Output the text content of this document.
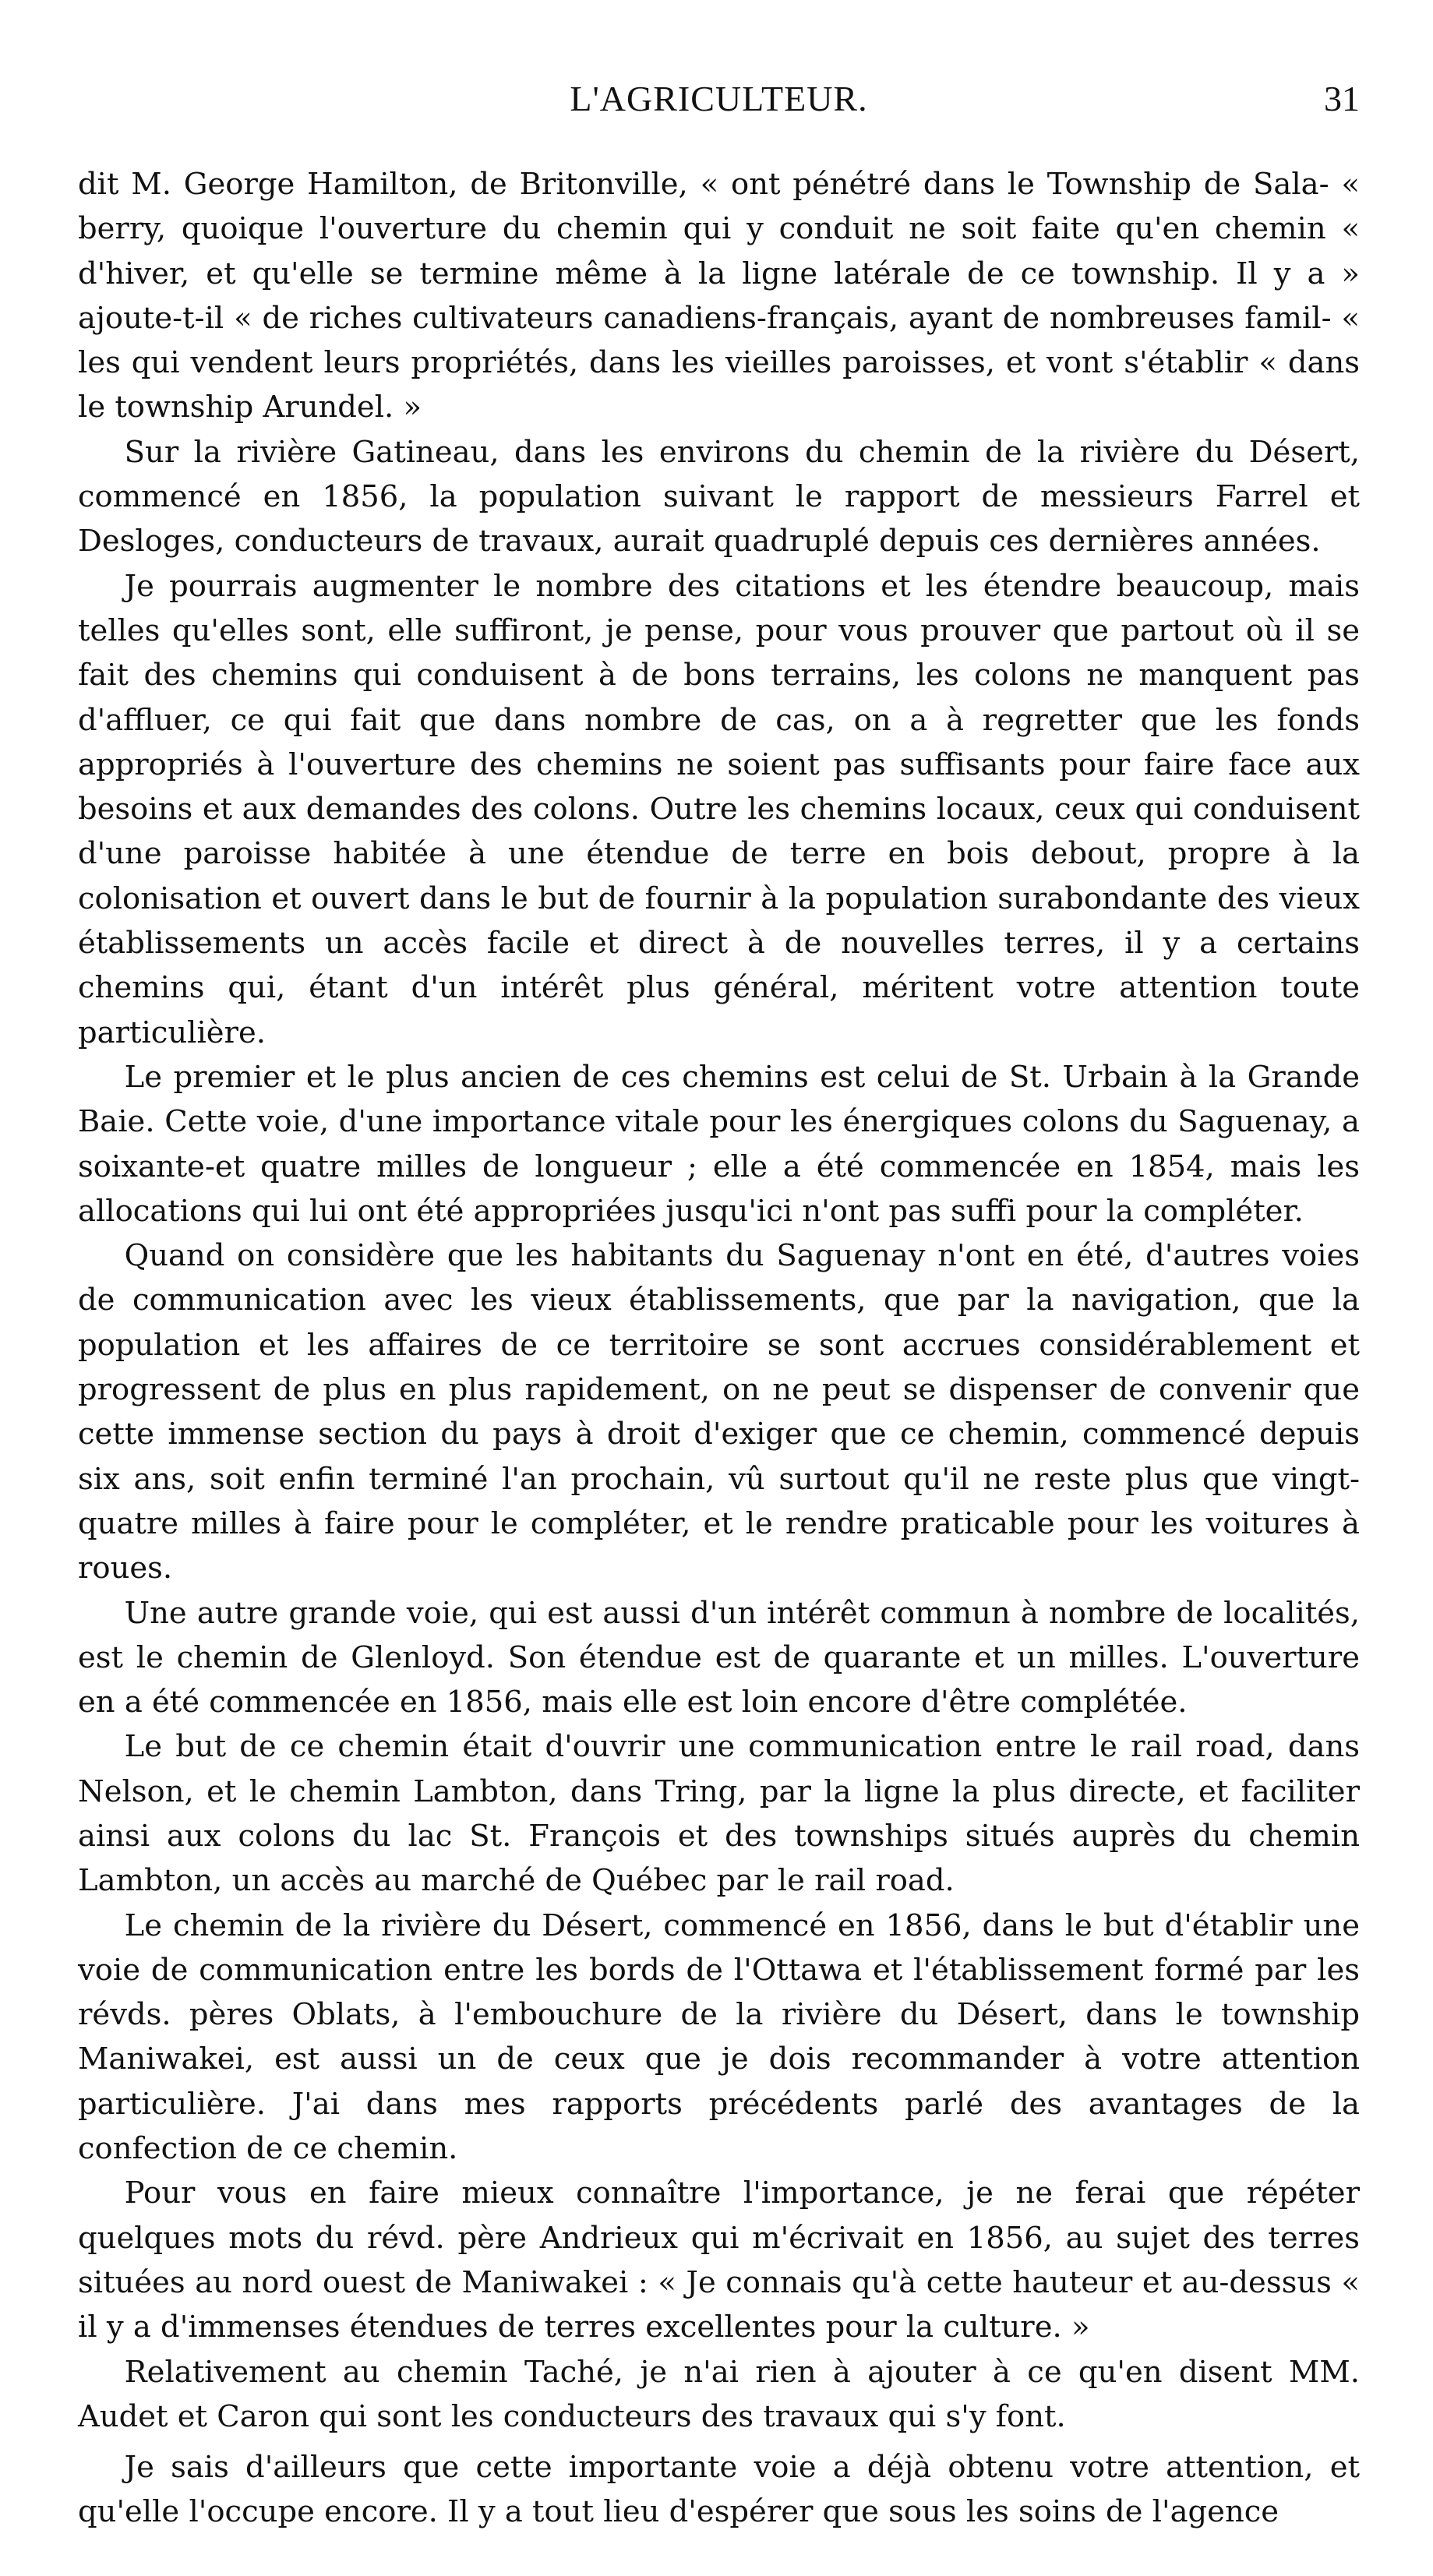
L'AGRICULTEUR.	31

dit M. George Hamilton, de Britonville, « ont pénétré dans le Township de Sala- « berry, quoique l'ouverture du chemin qui y conduit ne soit faite qu'en chemin « d'hiver, et qu'elle se termine même à la ligne latérale de ce township. Il y a » ajoute-t-il « de riches cultivateurs canadiens-français, ayant de nombreuses famil- « les qui vendent leurs propriétés, dans les vieilles paroisses, et vont s'établir « dans le township Arundel. »

Sur la rivière Gatineau, dans les environs du chemin de la rivière du Désert, commencé en 1856, la population suivant le rapport de messieurs Farrel et Desloges, conducteurs de travaux, aurait quadruplé depuis ces dernières années.

Je pourrais augmenter le nombre des citations et les étendre beaucoup, mais telles qu'elles sont, elle suffiront, je pense, pour vous prouver que partout où il se fait des chemins qui conduisent à de bons terrains, les colons ne manquent pas d'affluer, ce qui fait que dans nombre de cas, on a à regretter que les fonds appropriés à l'ouverture des chemins ne soient pas suffisants pour faire face aux besoins et aux demandes des colons. Outre les chemins locaux, ceux qui conduisent d'une paroisse habitée à une étendue de terre en bois debout, propre à la colonisation et ouvert dans le but de fournir à la population surabondante des vieux établissements un accès facile et direct à de nouvelles terres, il y a certains chemins qui, étant d'un intérêt plus général, méritent votre attention toute particulière.

Le premier et le plus ancien de ces chemins est celui de St. Urbain à la Grande Baie. Cette voie, d'une importance vitale pour les énergiques colons du Saguenay, a soixante-et quatre milles de longueur ; elle a été commencée en 1854, mais les allocations qui lui ont été appropriées jusqu'ici n'ont pas suffi pour la compléter.

Quand on considère que les habitants du Saguenay n'ont en été, d'autres voies de communication avec les vieux établissements, que par la navigation, que la population et les affaires de ce territoire se sont accrues considérablement et progressent de plus en plus rapidement, on ne peut se dispenser de convenir que cette immense section du pays à droit d'exiger que ce chemin, commencé depuis six ans, soit enfin terminé l'an prochain, vû surtout qu'il ne reste plus que vingt-quatre milles à faire pour le compléter, et le rendre praticable pour les voitures à roues.

Une autre grande voie, qui est aussi d'un intérêt commun à nombre de localités, est le chemin de Glenloyd. Son étendue est de quarante et un milles. L'ouverture en a été commencée en 1856, mais elle est loin encore d'être complétée.

Le but de ce chemin était d'ouvrir une communication entre le rail road, dans Nelson, et le chemin Lambton, dans Tring, par la ligne la plus directe, et faciliter ainsi aux colons du lac St. François et des townships situés auprès du chemin Lambton, un accès au marché de Québec par le rail road.

Le chemin de la rivière du Désert, commencé en 1856, dans le but d'établir une voie de communication entre les bords de l'Ottawa et l'établissement formé par les révds. pères Oblats, à l'embouchure de la rivière du Désert, dans le township Maniwakei, est aussi un de ceux que je dois recommander à votre attention particulière. J'ai dans mes rapports précédents parlé des avantages de la confection de ce chemin.

Pour vous en faire mieux connaître l'importance, je ne ferai que répéter quelques mots du révd. père Andrieux qui m'écrivait en 1856, au sujet des terres situées au nord ouest de Maniwakei : « Je connais qu'à cette hauteur et au-dessus « il y a d'immenses étendues de terres excellentes pour la culture. »

Relativement au chemin Taché, je n'ai rien à ajouter à ce qu'en disent MM. Audet et Caron qui sont les conducteurs des travaux qui s'y font.

Je sais d'ailleurs que cette importante voie a déjà obtenu votre attention, et qu'elle l'occupe encore. Il y a tout lieu d'espérer que sous les soins de l'agence
